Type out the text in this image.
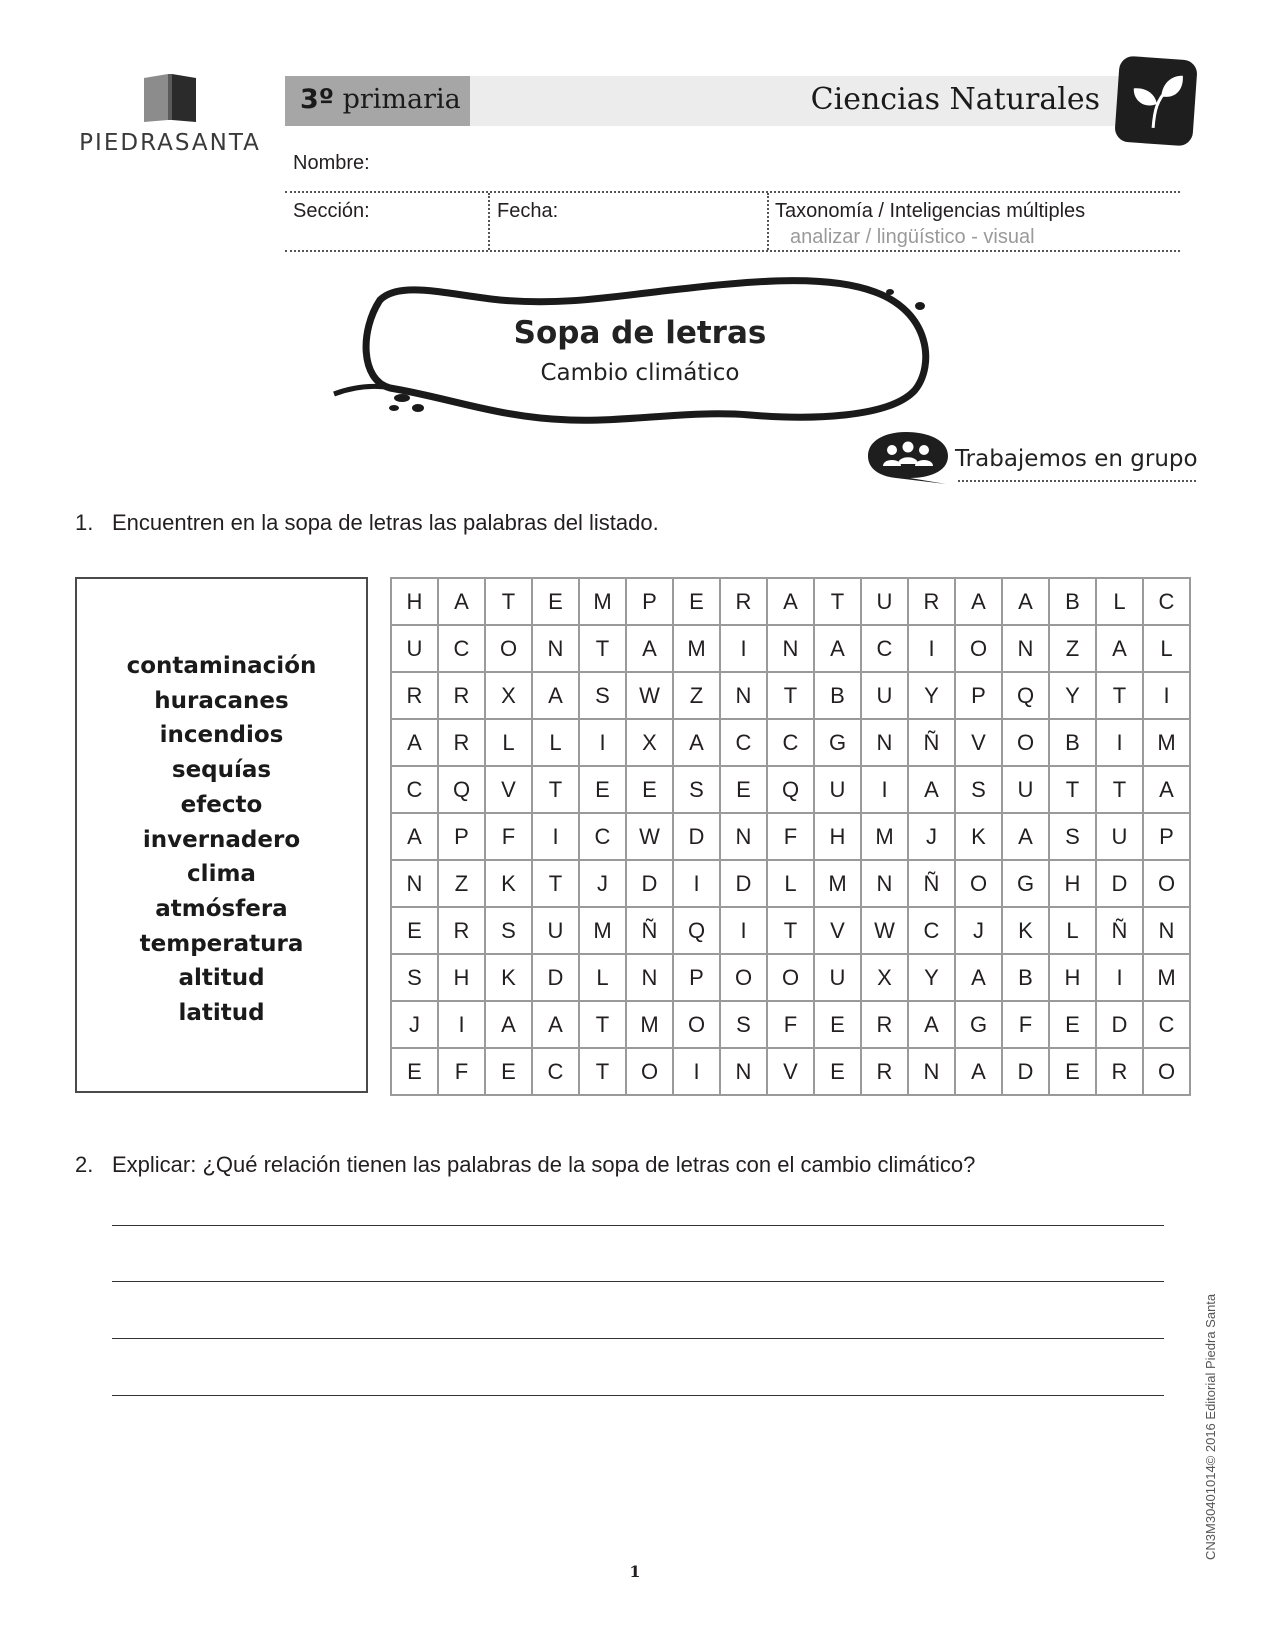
PIEDRASANTA
3º primaria	Ciencias Naturales
Nombre:
Sección:	Fecha:	Taxonomía / Inteligencias múltiples
analizar / lingüístico - visual
Sopa de letras
Cambio climático
Trabajemos en grupo
1. Encuentren en la sopa de letras las palabras del listado.
contaminación
huracanes
incendios
sequías
efecto
invernadero
clima
atmósfera
temperatura
altitud
latitud
H	A	T	E	M	P	E	R	A	T	U	R	A	A	B	L	C
U	C	O	N	T	A	M	I	N	A	C	I	O	N	Z	A	L
R	R	X	A	S	W	Z	N	T	B	U	Y	P	Q	Y	T	I
A	R	L	L	I	X	A	C	C	G	N	Ñ	V	O	B	I	M
C	Q	V	T	E	E	S	E	Q	U	I	A	S	U	T	T	A
A	P	F	I	C	W	D	N	F	H	M	J	K	A	S	U	P
N	Z	K	T	J	D	I	D	L	M	N	Ñ	O	G	H	D	O
E	R	S	U	M	Ñ	Q	I	T	V	W	C	J	K	L	Ñ	N
S	H	K	D	L	N	P	O	O	U	X	Y	A	B	H	I	M
J	I	A	A	T	M	O	S	F	E	R	A	G	F	E	D	C
E	F	E	C	T	O	I	N	V	E	R	N	A	D	E	R	O
2. Explicar: ¿Qué relación tienen las palabras de la sopa de letras con el cambio climático?
CN3M30401014© 2016 Editorial Piedra Santa
1
